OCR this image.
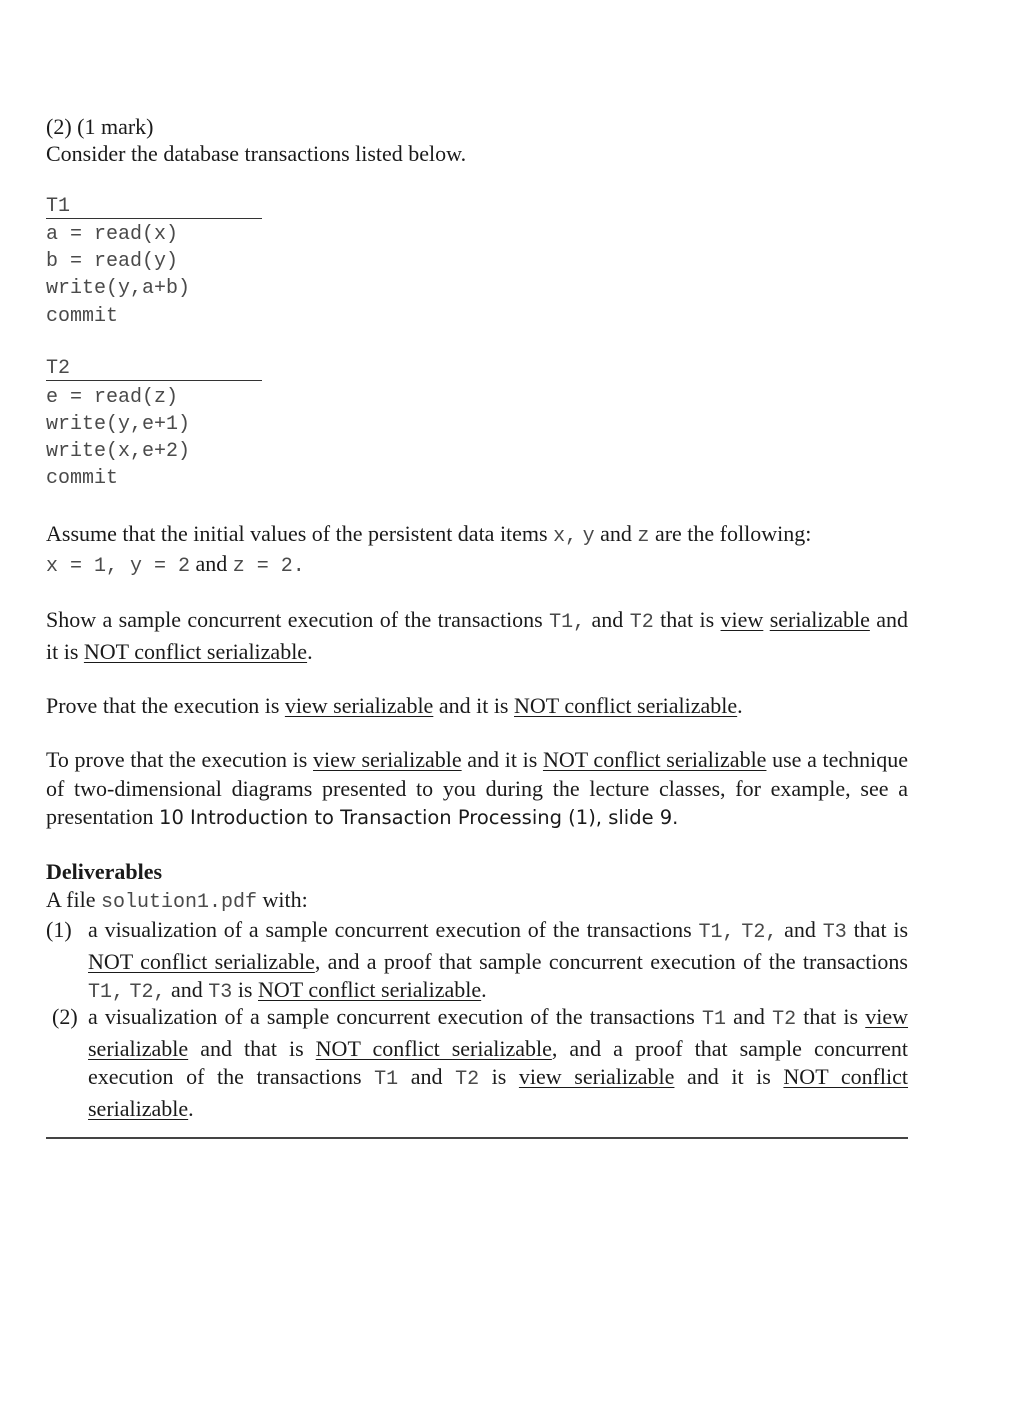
(2) (1 mark)
Consider the database transactions listed below.
T1
a = read(x)
b = read(y)
write(y,a+b)
commit
T2
e = read(z)
write(y,e+1)
write(x,e+2)
commit
Assume that the initial values of the persistent data items x, y and z are the following:
x = 1, y = 2 and z = 2.
Show a sample concurrent execution of the transactions T1, and T2 that is view serializable and it is NOT conflict serializable.
Prove that the execution is view serializable and it is NOT conflict serializable.
To prove that the execution is view serializable and it is NOT conflict serializable use a technique of two-dimensional diagrams presented to you during the lecture classes, for example, see a presentation 10 Introduction to Transaction Processing (1), slide 9.
Deliverables
A file solution1.pdf with:
(1) a visualization of a sample concurrent execution of the transactions T1, T2, and T3 that is NOT conflict serializable, and a proof that sample concurrent execution of the transactions T1, T2, and T3 is NOT conflict serializable.
(2) a visualization of a sample concurrent execution of the transactions T1 and T2 that is view serializable and that is NOT conflict serializable, and a proof that sample concurrent execution of the transactions T1 and T2 is view serializable and it is NOT conflict serializable.
